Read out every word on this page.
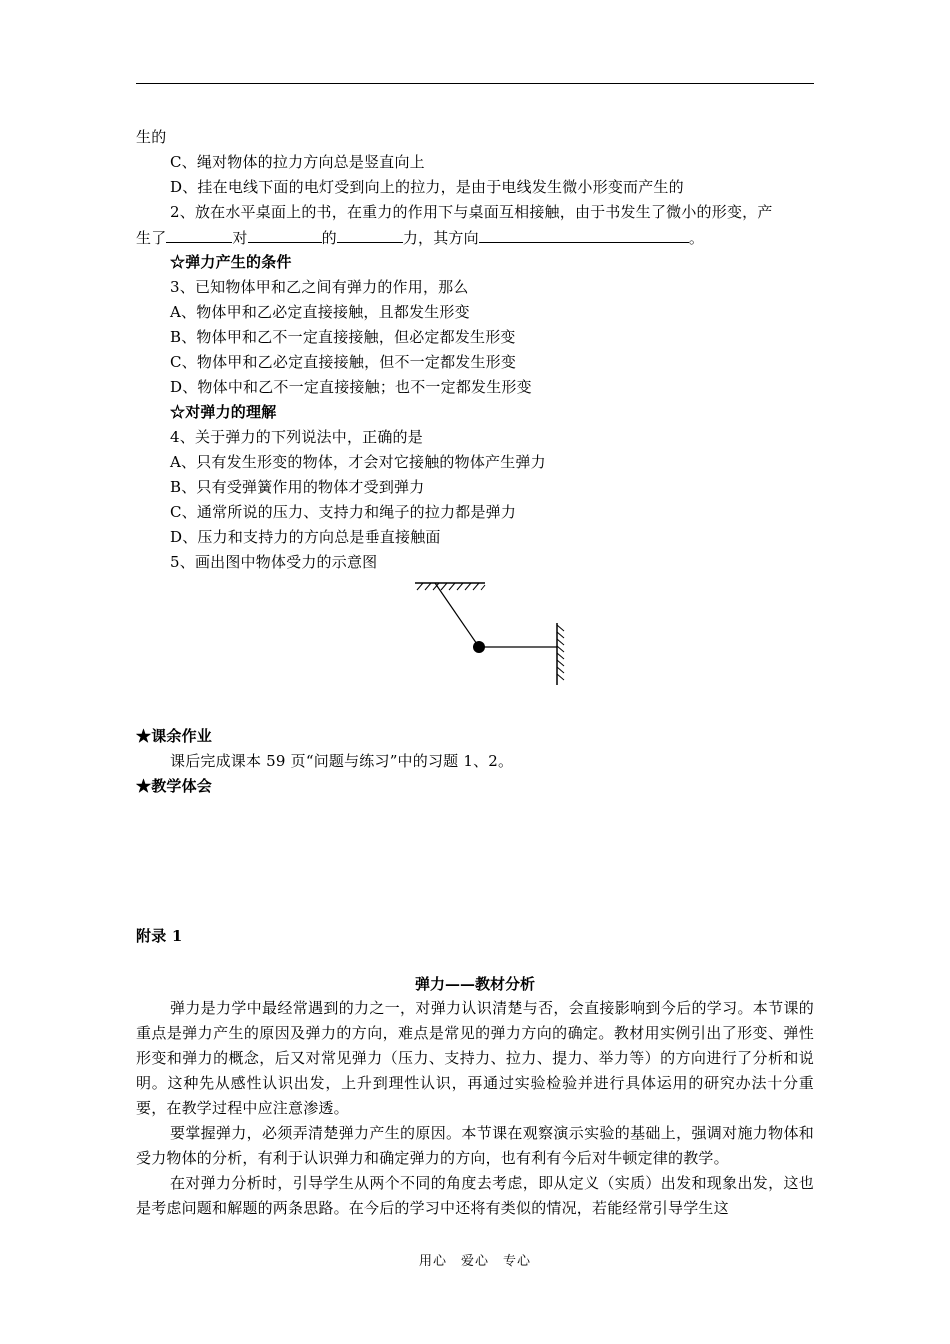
生的
C、绳对物体的拉力方向总是竖直向上
D、挂在电线下面的电灯受到向上的拉力，是由于电线发生微小形变而产生的
2、放在水平桌面上的书，在重力的作用下与桌面互相接触，由于书发生了微小的形变，产
生了	对	的	力，其方向	。
☆弹力产生的条件
3、已知物体甲和乙之间有弹力的作用，那么
A、物体甲和乙必定直接接触，且都发生形变
B、物体甲和乙不一定直接接触，但必定都发生形变
C、物体甲和乙必定直接接触，但不一定都发生形变
D、物体中和乙不一定直接接触；也不一定都发生形变
☆对弹力的理解
4、关于弹力的下列说法中，正确的是
A、只有发生形变的物体，才会对它接触的物体产生弹力
B、只有受弹簧作用的物体才受到弹力
C、通常所说的压力、支持力和绳子的拉力都是弹力
D、压力和支持力的方向总是垂直接触面
5、画出图中物体受力的示意图
★课余作业
课后完成课本 59 页“问题与练习”中的习题 1、2。
★教学体会
附录 1
弹力——教材分析
弹力是力学中最经常遇到的力之一，对弹力认识清楚与否，会直接影响到今后的学习。本节课的重点是弹力产生的原因及弹力的方向，难点是常见的弹力方向的确定。教材用实例引出了形变、弹性形变和弹力的概念，后又对常见弹力（压力、支持力、拉力、提力、举力等）的方向进行了分析和说明。这种先从感性认识出发，上升到理性认识，再通过实验检验并进行具体运用的研究办法十分重要，在教学过程中应注意渗透。
要掌握弹力，必须弄清楚弹力产生的原因。本节课在观察演示实验的基础上，强调对施力物体和受力物体的分析，有利于认识弹力和确定弹力的方向，也有利有今后对牛顿定律的教学。
在对弹力分析时，引导学生从两个不同的角度去考虑，即从定义（实质）出发和现象出发，这也是考虑问题和解题的两条思路。在今后的学习中还将有类似的情况，若能经常引导学生这
用心　爱心　专心
